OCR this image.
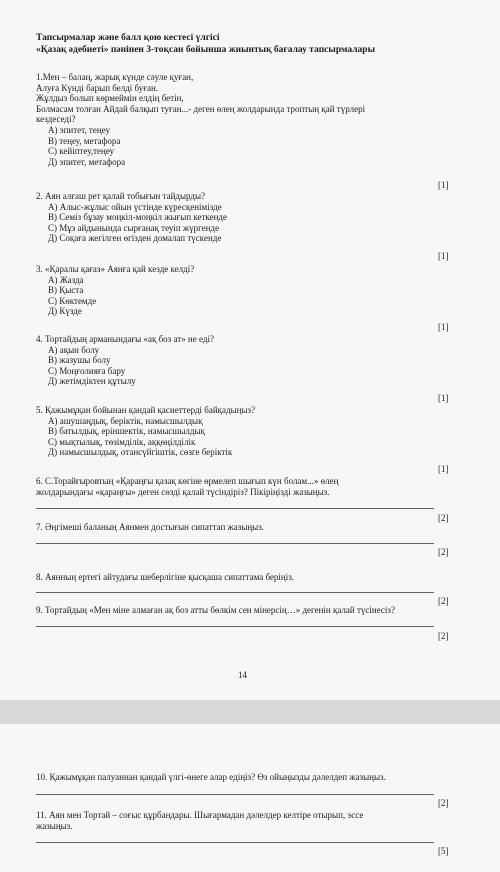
Тапсырмалар және балл қою кестесі үлгісі
«Қазақ әдебиеті» пәнінен 3-тоқсан бойынша жиынтық бағалау тапсырмалары
1.Мен – балаң, жарық күнде сәуле қуған,
Алуға Күнді барып белді буған.
Жұлдыз болып көрмеймін елдің бетін,
Болмасам толған Айдай балқып туған...- деген өлең жолдарында троптың қай түрлері
кездеседі?
А) эпитет, теңеу
В) теңеу, метафора
С) кейіптеу,теңеу
Д) эпитет, метафора
[1]
2. Аян алғаш рет қалай тобығын тайдырды?
А) Алыс-жұлыс ойын үстінде күресқеніміздe
В) Семіз бұзау моңкіл-моңкіл жығып кеткенде
С) Мұз айдынында сырғанақ теуіп жүргенде
Д) Соқаға жегілген өгізден домалап түскенде
[1]
3. «Қаралы қағаз» Аянға қай кезде келді?
А) Жазда
В) Қыста
С) Көктемде
Д) Күзде
[1]
4. Тортайдың арманындағы «ақ боз ат» не еді?
А) ақын болу
В) жазушы болу
С) Моңғолияға бару
Д) жетімдіктен құтылу
[1]
5. Қажымұқан бойынан қандай қасиеттерді байқадыңыз?
А) ашушаңдық, беріктік, намысшылдық
В) батылдық, еріншектік, намысшылдық
С) мықтылық, төзімділік, аққөңілділік
Д) намысшылдық, отансүйгіштік, сөзге беріктік
[1]
6. С.Торайғыровтың «Қараңғы қазақ көгіне өрмелеп шығып күн болам...» өлең
жолдарындағы «қараңғы» деген сөзді қалай түсіндіріз? Пікіріңізді жазыңыз.
[2]
7. Әңгімеші баланың Аянмен достығын сипаттап жазыңыз.
[2]
8. Аянның ертегі айтудағы шеберлігіне қысқаша сипаттама беріңіз.
[2]
9. Тортайдың «Мен міне алмаған ақ боз атты бөлкім сен мінерсің…» дегенін қалай түсінесіз?
[2]
14
10. Қажымұқан палуаннан қандай үлгі-өнеге алар едіңіз? Өз ойыңызды дәлелдеп жазыңыз.
[2]
11. Аян мен Тортай – соғыс құрбандары. Шығармадан дәлелдер келтіре отырып, эссе
жазыңыз.
[5]
